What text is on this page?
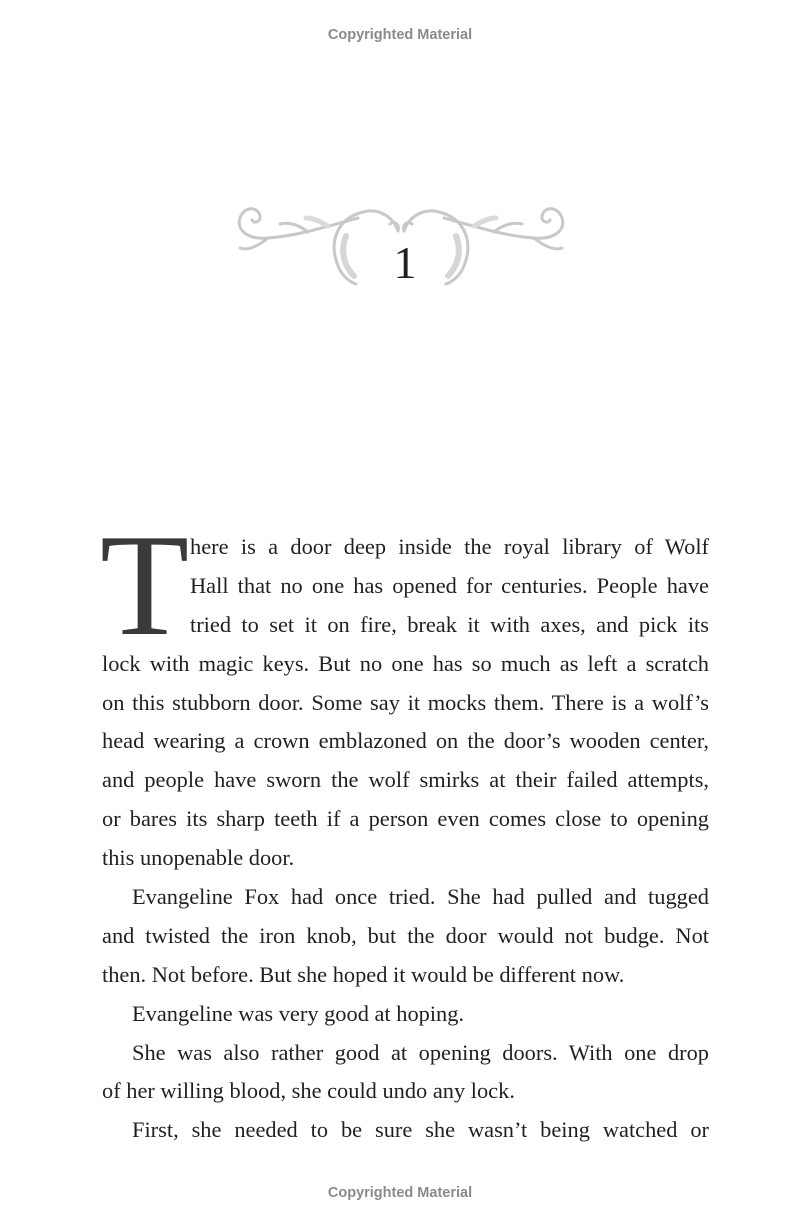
Copyrighted Material
1
T here is a door deep inside the royal library of Wolf
Hall that no one has opened for centuries. People have
tried to set it on fire, break it with axes, and pick its
lock with magic keys. But no one has so much as left a scratch
on this stubborn door. Some say it mocks them. There is a wolf’s
head wearing a crown emblazoned on the door’s wooden center,
and people have sworn the wolf smirks at their failed attempts,
or bares its sharp teeth if a person even comes close to opening
this unopenable door.
Evangeline Fox had once tried. She had pulled and tugged
and twisted the iron knob, but the door would not budge. Not
then. Not before. But she hoped it would be different now.
Evangeline was very good at hoping.
She was also rather good at opening doors. With one drop
of her willing blood, she could undo any lock.
First, she needed to be sure she wasn’t being watched or
Copyrighted Material
